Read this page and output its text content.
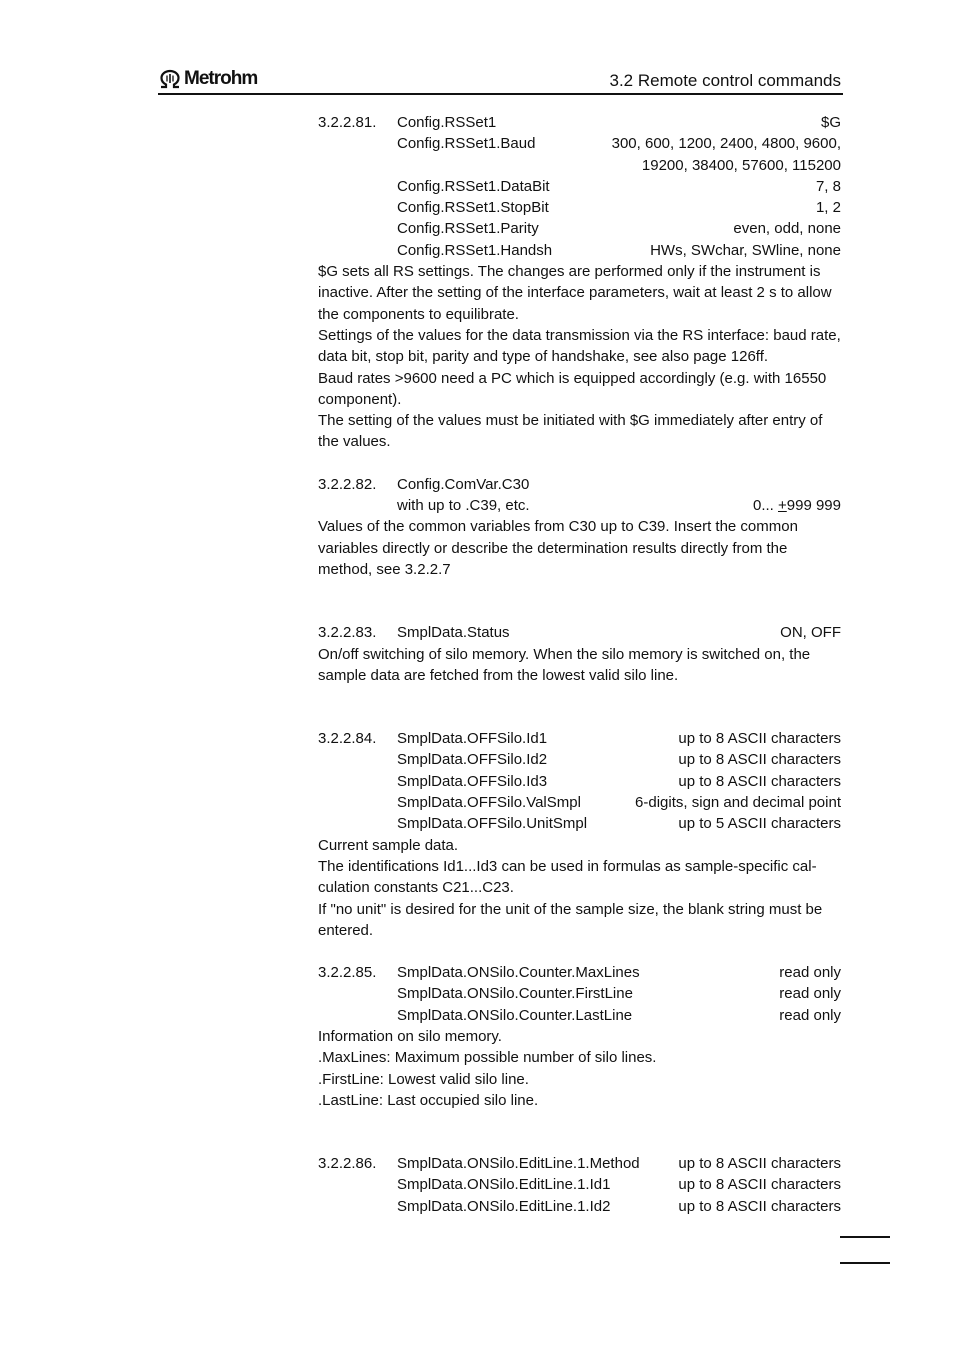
Metrohm	3.2 Remote control commands
3.2.2.81. Config.RSSet1	$G
Config.RSSet1.Baud	300, 600, 1200, 2400, 4800, 9600,
19200, 38400, 57600, 115200
Config.RSSet1.DataBit	7, 8
Config.RSSet1.StopBit	1, 2
Config.RSSet1.Parity	even, odd, none
Config.RSSet1.Handsh	HWs, SWchar, SWline, none
$G sets all RS settings. The changes are performed only if the instrument is inactive. After the setting of the interface parameters, wait at least 2 s to allow the components to equilibrate.
Settings of the values for the data transmission via the RS interface: baud rate, data bit, stop bit, parity and type of handshake, see also page 126ff.
Baud rates >9600 need a PC which is equipped accordingly (e.g. with 16550 component).
The setting of the values must be initiated with $G immediately after entry of the values.
3.2.2.82. Config.ComVar.C30
with up to .C39, etc.	0... +999 999
Values of the common variables from C30 up to C39. Insert the common variables directly or describe the determination results directly from the method, see 3.2.2.7
3.2.2.83. SmplData.Status	ON, OFF
On/off switching of silo memory. When the silo memory is switched on, the sample data are fetched from the lowest valid silo line.
3.2.2.84. SmplData.OFFSilo.Id1	up to 8 ASCII characters
SmplData.OFFSilo.Id2	up to 8 ASCII characters
SmplData.OFFSilo.Id3	up to 8 ASCII characters
SmplData.OFFSilo.ValSmpl	6-digits, sign and decimal point
SmplData.OFFSilo.UnitSmpl	up to 5 ASCII characters
Current sample data.
The identifications Id1...Id3 can be used in formulas as sample-specific cal-culation constants C21...C23.
If "no unit" is desired for the unit of the sample size, the blank string must be entered.
3.2.2.85. SmplData.ONSilo.Counter.MaxLines	read only
SmplData.ONSilo.Counter.FirstLine	read only
SmplData.ONSilo.Counter.LastLine	read only
Information on silo memory.
.MaxLines: Maximum possible number of silo lines.
.FirstLine: Lowest valid silo line.
.LastLine: Last occupied silo line.
3.2.2.86. SmplData.ONSilo.EditLine.1.Method	up to 8 ASCII characters
SmplData.ONSilo.EditLine.1.Id1	up to 8 ASCII characters
SmplData.ONSilo.EditLine.1.Id2	up to 8 ASCII characters
